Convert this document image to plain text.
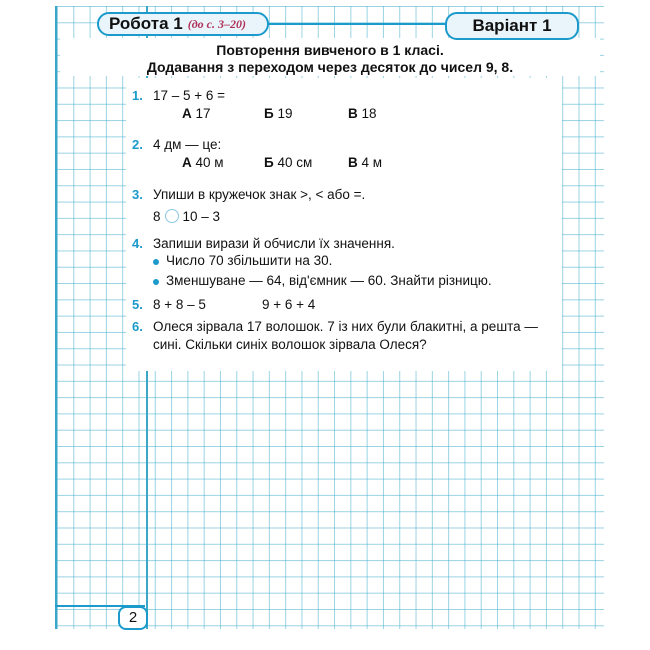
Робота 1 (до с. 3–20)	Варіант 1
Повторення вивченого в 1 класі.
Додавання з переходом через десяток до чисел 9, 8.
1. 17 – 5 + 6 =
А 17	Б 19	В 18
2. 4 дм — це:
А 40 м	Б 40 см	В 4 м
3. Упиши в кружечок знак >, < або =.
8 10 – 3
4. Запиши вирази й обчисли їх значення.
Число 70 збільшити на 30.
Зменшуване — 64, від'ємник — 60. Знайти різницю.
5. 8 + 8 – 5	9 + 6 + 4
6. Олеся зірвала 17 волошок. 7 із них були блакитні, а решта —
сині. Скільки синіх волошок зірвала Олеся?
2
